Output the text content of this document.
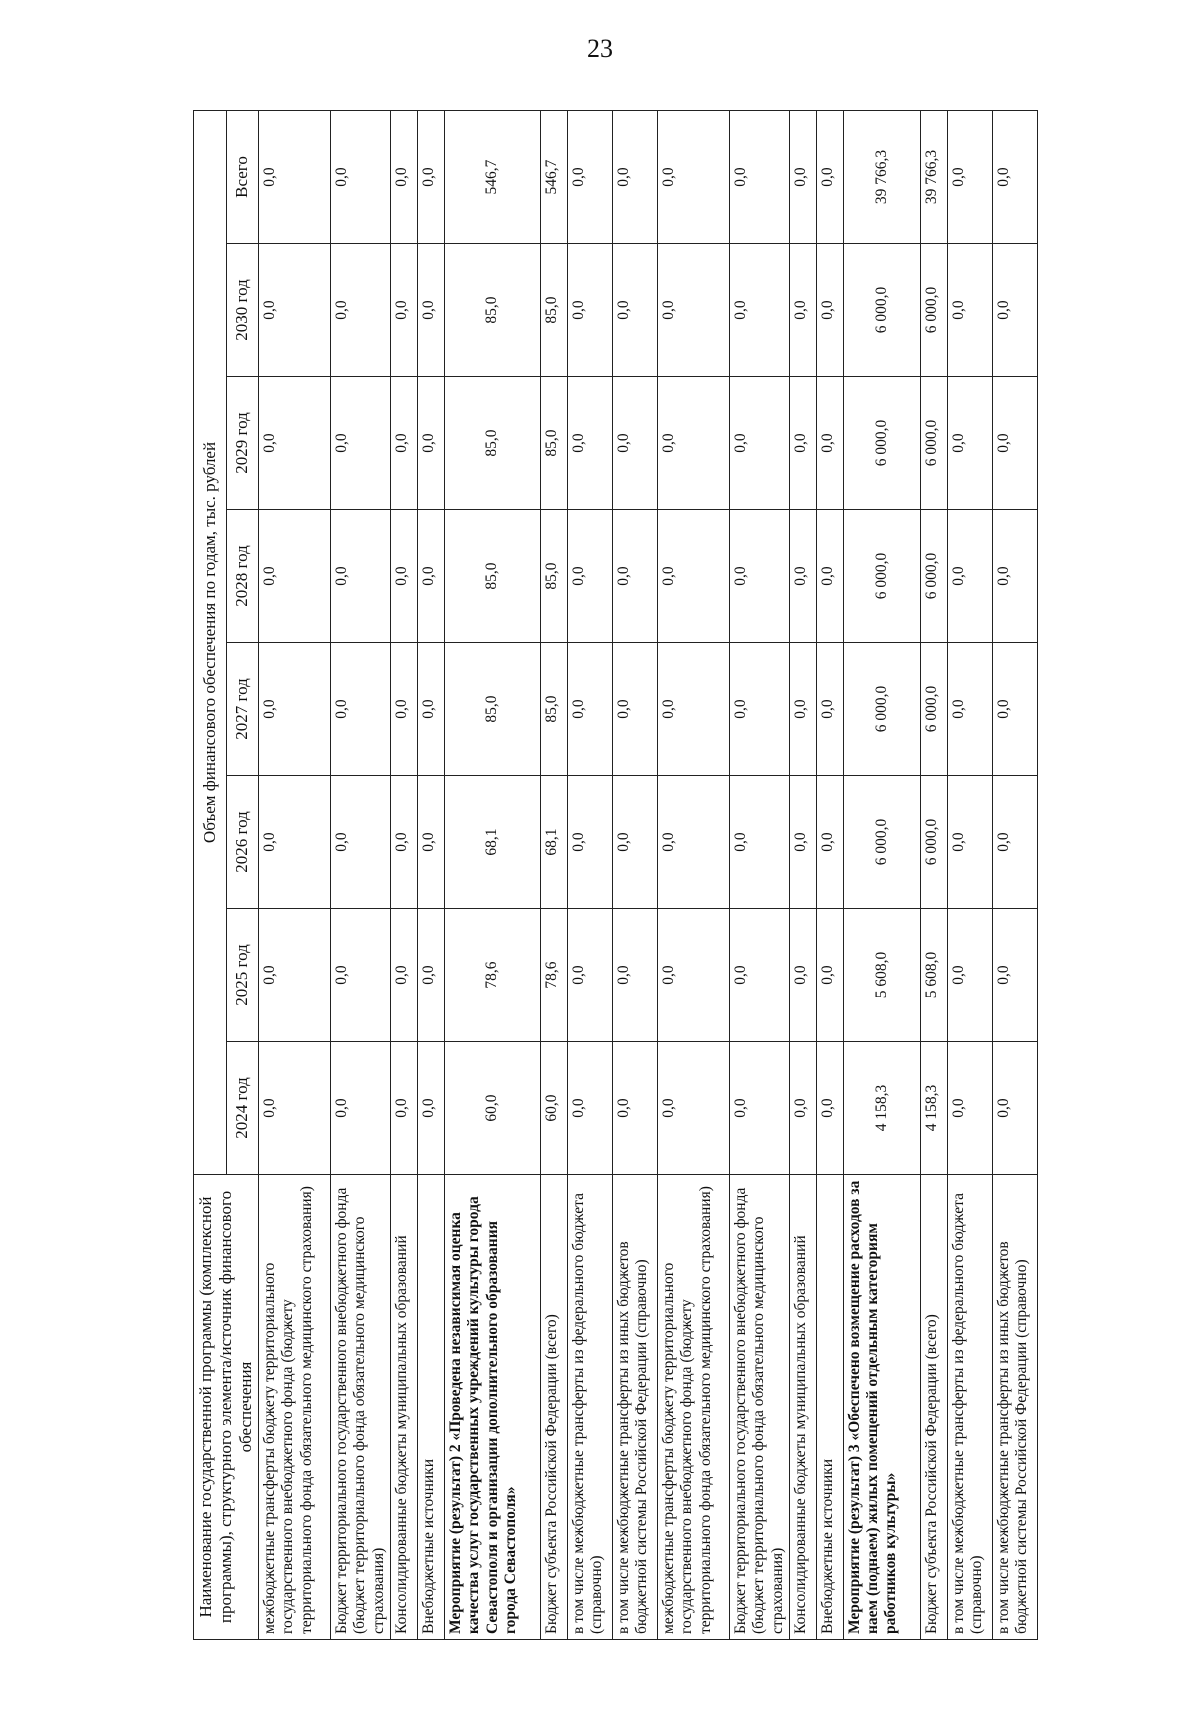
23
Наименование государственной программы (комплексной программы), структурного элемента/источник финансового обеспечения	Объем финансового обеспечения по годам, тыс. рублей							
	2024 год	2025 год	2026 год	2027 год	2028 год	2029 год	2030 год	Всего
межбюджетные трансферты бюджету территориального государственного внебюджетного фонда (бюджету территориального фонда обязательного медицинского страхования)	0,0	0,0	0,0	0,0	0,0	0,0	0,0	0,0
Бюджет территориального государственного внебюджетного фонда (бюджет территориального фонда обязательного медицинского страхования)	0,0	0,0	0,0	0,0	0,0	0,0	0,0	0,0
Консолидированные бюджеты муниципальных образований	0,0	0,0	0,0	0,0	0,0	0,0	0,0	0,0
Внебюджетные источники	0,0	0,0	0,0	0,0	0,0	0,0	0,0	0,0
Мероприятие (результат) 2 «Проведена независимая оценка качества услуг государственных учреждений культуры города Севастополя и организации дополнительного образования города Севастополя»	60,0	78,6	68,1	85,0	85,0	85,0	85,0	546,7
Бюджет субъекта Российской Федерации (всего)	60,0	78,6	68,1	85,0	85,0	85,0	85,0	546,7
в том числе межбюджетные трансферты из федерального бюджета (справочно)	0,0	0,0	0,0	0,0	0,0	0,0	0,0	0,0
в том числе межбюджетные трансферты из иных бюджетов бюджетной системы Российской Федерации (справочно)	0,0	0,0	0,0	0,0	0,0	0,0	0,0	0,0
межбюджетные трансферты бюджету территориального государственного внебюджетного фонда (бюджету территориального фонда обязательного медицинского страхования)	0,0	0,0	0,0	0,0	0,0	0,0	0,0	0,0
Бюджет территориального государственного внебюджетного фонда (бюджет территориального фонда обязательного медицинского страхования)	0,0	0,0	0,0	0,0	0,0	0,0	0,0	0,0
Консолидированные бюджеты муниципальных образований	0,0	0,0	0,0	0,0	0,0	0,0	0,0	0,0
Внебюджетные источники	0,0	0,0	0,0	0,0	0,0	0,0	0,0	0,0
Мероприятие (результат) 3 «Обеспечено возмещение расходов за наем (поднаем) жилых помещений отдельным категориям работников культуры»	4 158,3	5 608,0	6 000,0	6 000,0	6 000,0	6 000,0	6 000,0	39 766,3
Бюджет субъекта Российской Федерации (всего)	4 158,3	5 608,0	6 000,0	6 000,0	6 000,0	6 000,0	6 000,0	39 766,3
в том числе межбюджетные трансферты из федерального бюджета (справочно)	0,0	0,0	0,0	0,0	0,0	0,0	0,0	0,0
в том числе межбюджетные трансферты из иных бюджетов бюджетной системы Российской Федерации (справочно)	0,0	0,0	0,0	0,0	0,0	0,0	0,0	0,0
